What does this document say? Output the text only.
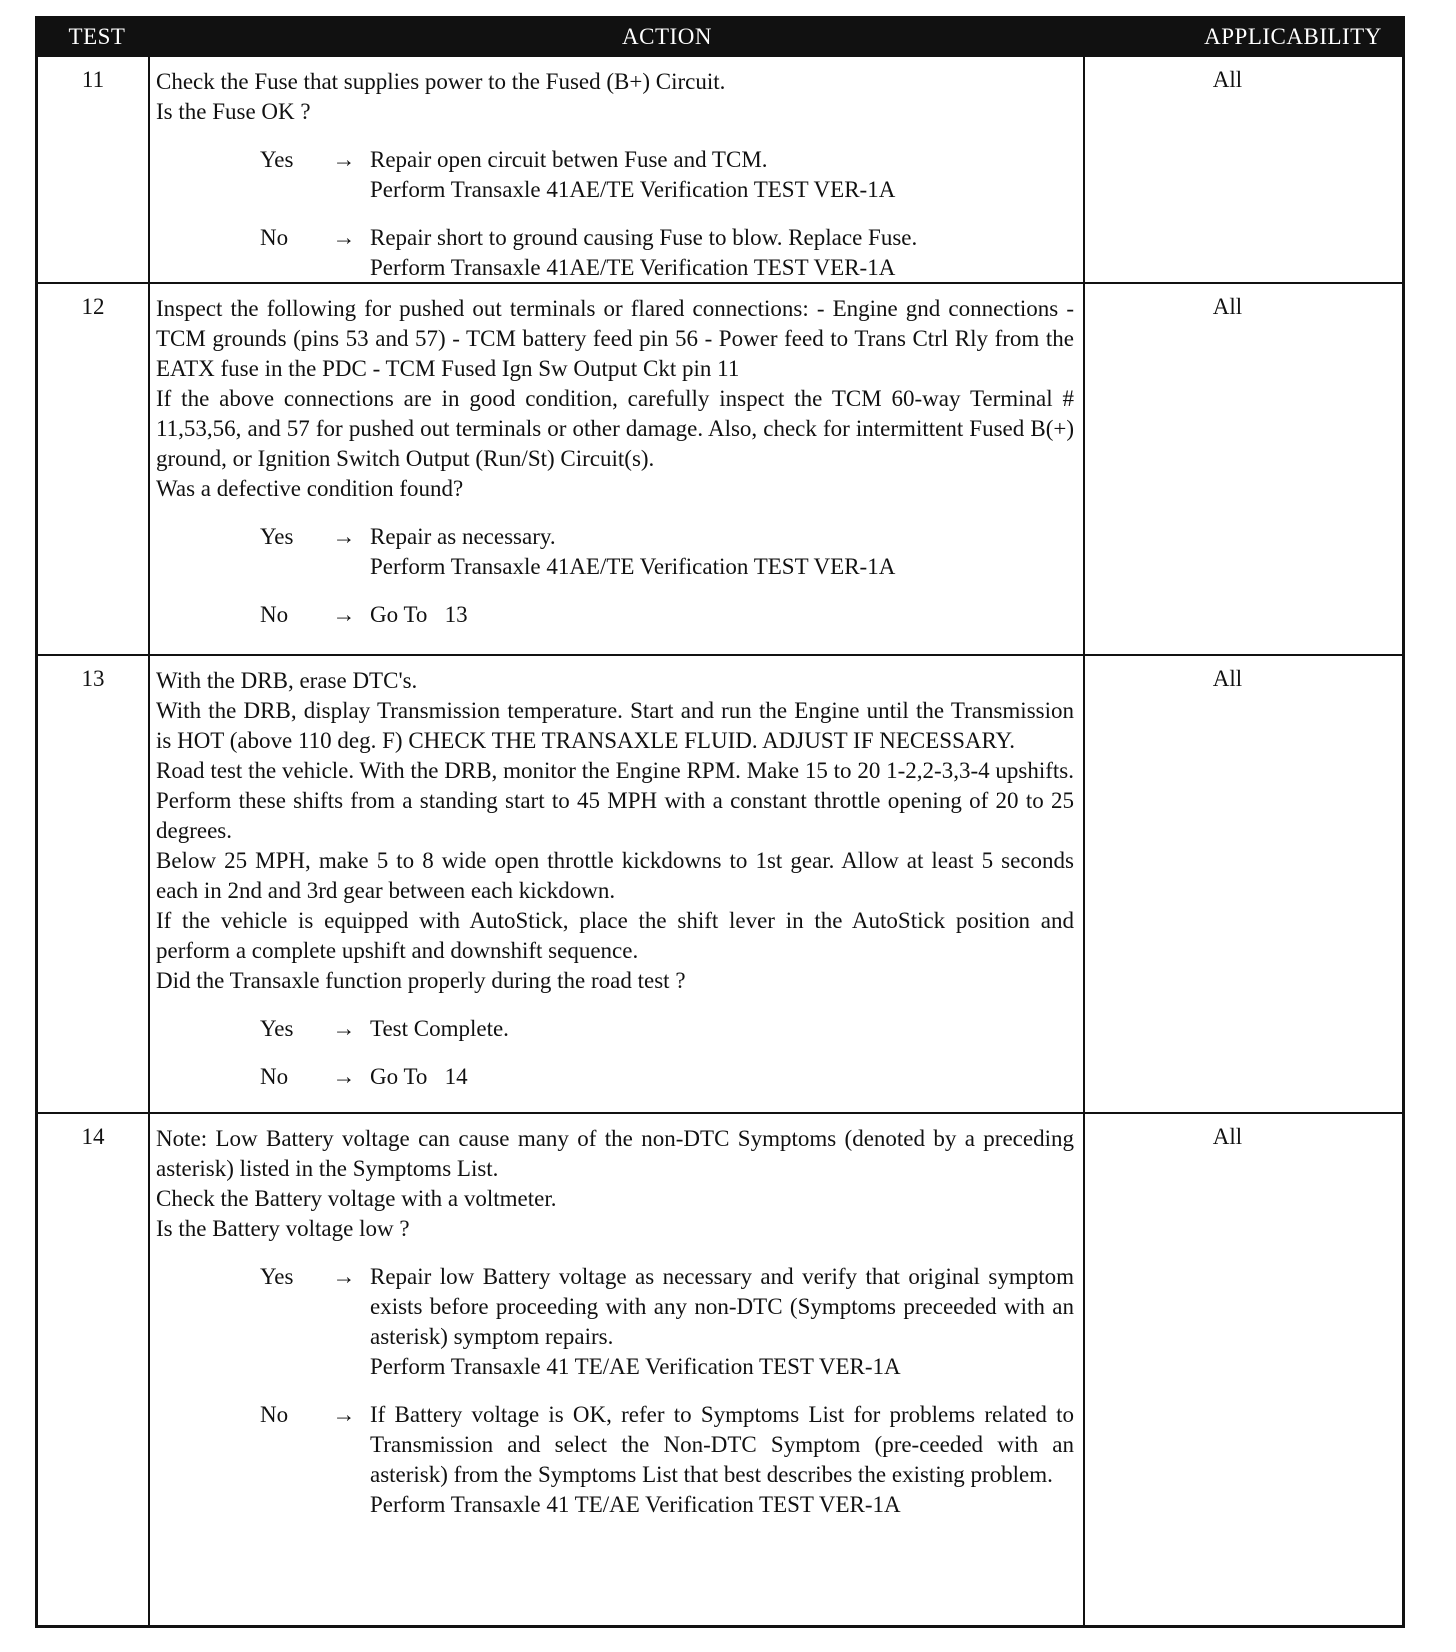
TEST	ACTION	APPLICABILITY
11	Check the Fuse that supplies power to the Fused (B+) Circuit.

Is the Fuse OK ?

Yes	→ Repair open circuit betwen Fuse and TCM.
Perform Transaxle 41AE/TE Verification TEST VER-1A
No	→ Repair short to ground causing Fuse to blow. Replace Fuse.
Perform Transaxle 41AE/TE Verification TEST VER-1A
All
12	Inspect the following for pushed out terminals or flared connections: - Engine gnd connections - TCM grounds (pins 53 and 57) - TCM battery feed pin 56 - Power feed to Trans Ctrl Rly from the EATX fuse in the PDC - TCM Fused Ign Sw Output Ckt pin 11

If the above connections are in good condition, carefully inspect the TCM 60-way Terminal # 11,53,56, and 57 for pushed out terminals or other damage. Also, check for intermittent Fused B(+) ground, or Ignition Switch Output (Run/St) Circuit(s).

Was a defective condition found?

Yes	→ Repair as necessary.
Perform Transaxle 41AE/TE Verification TEST VER-1A
No	→ Go To   13
All
13	With the DRB, erase DTC's.

With the DRB, display Transmission temperature. Start and run the Engine until the Transmission is HOT (above 110 deg. F) CHECK THE TRANSAXLE FLUID. ADJUST IF NECESSARY.

Road test the vehicle. With the DRB, monitor the Engine RPM. Make 15 to 20 1-2,2-3,3-4 upshifts. Perform these shifts from a standing start to 45 MPH with a constant throttle opening of 20 to 25 degrees.

Below 25 MPH, make 5 to 8 wide open throttle kickdowns to 1st gear. Allow at least 5 seconds each in 2nd and 3rd gear between each kickdown.

If the vehicle is equipped with AutoStick, place the shift lever in the AutoStick position and perform a complete upshift and downshift sequence.

Did the Transaxle function properly during the road test ?

Yes	→ Test Complete.
No	→ Go To   14
All
14	Note: Low Battery voltage can cause many of the non-DTC Symptoms (denoted by a preceding asterisk) listed in the Symptoms List.

Check the Battery voltage with a voltmeter.

Is the Battery voltage low ?

Yes	→ Repair low Battery voltage as necessary and verify that original symptom exists before proceeding with any non-DTC (Symptoms preceeded with an asterisk) symptom repairs.
Perform Transaxle 41 TE/AE Verification TEST VER-1A
No	→ If Battery voltage is OK, refer to Symptoms List for problems related to Transmission and select the Non-DTC Symptom (pre-ceeded with an asterisk) from the Symptoms List that best describes the existing problem.
Perform Transaxle 41 TE/AE Verification TEST VER-1A
All
